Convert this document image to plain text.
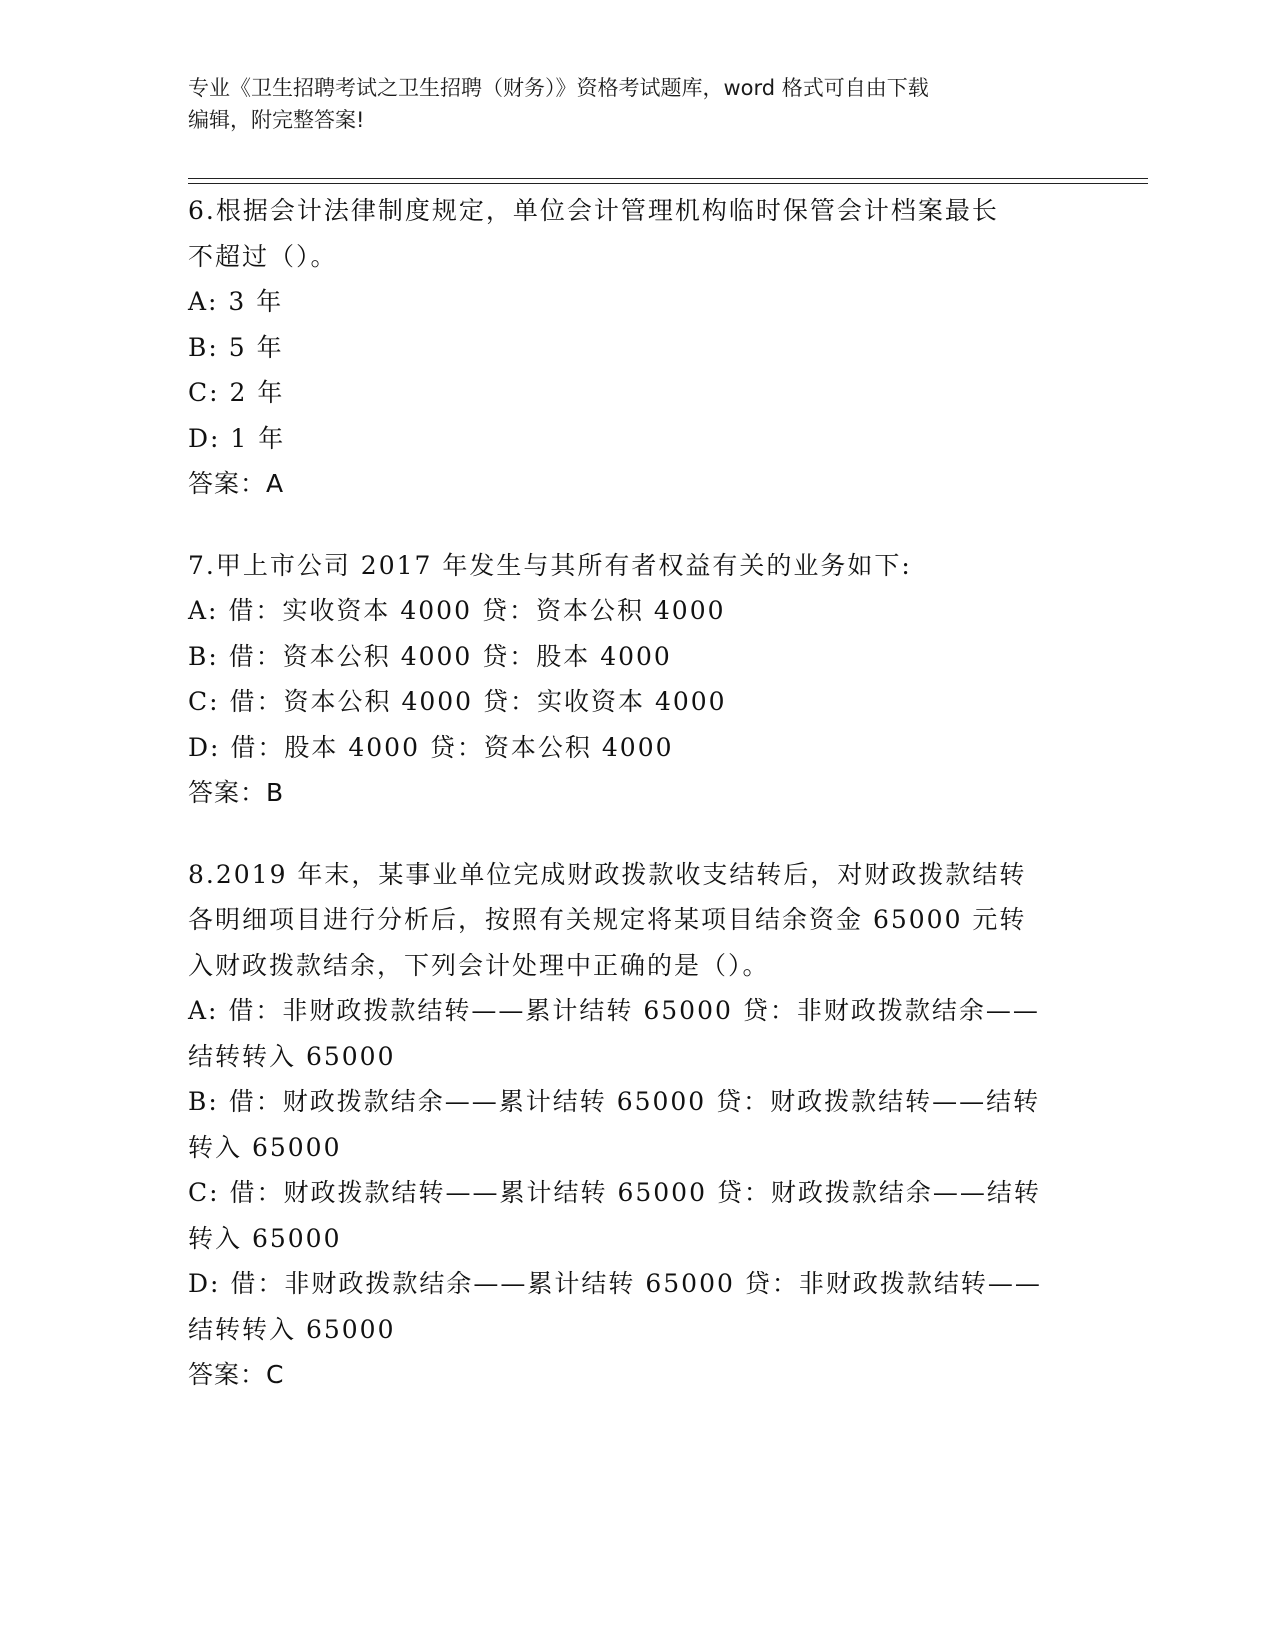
专业《卫生招聘考试之卫生招聘（财务）》资格考试题库，word 格式可自由下载
编辑，附完整答案!
6.根据会计法律制度规定，单位会计管理机构临时保管会计档案最长
不超过（）。
A: 3 年
B: 5 年
C: 2 年
D: 1 年
答案：A
7.甲上市公司 2017 年发生与其所有者权益有关的业务如下:
A: 借：实收资本 4000 贷：资本公积 4000
B: 借：资本公积 4000 贷：股本 4000
C: 借：资本公积 4000 贷：实收资本 4000
D: 借：股本 4000 贷：资本公积 4000
答案：B
8.2019 年末，某事业单位完成财政拨款收支结转后，对财政拨款结转
各明细项目进行分析后，按照有关规定将某项目结余资金 65000 元转
入财政拨款结余，下列会计处理中正确的是（）。
A: 借：非财政拨款结转——累计结转 65000 贷：非财政拨款结余——
结转转入 65000
B: 借：财政拨款结余——累计结转 65000 贷：财政拨款结转——结转
转入 65000
C: 借：财政拨款结转——累计结转 65000 贷：财政拨款结余——结转
转入 65000
D: 借：非财政拨款结余——累计结转 65000 贷：非财政拨款结转——
结转转入 65000
答案：C
